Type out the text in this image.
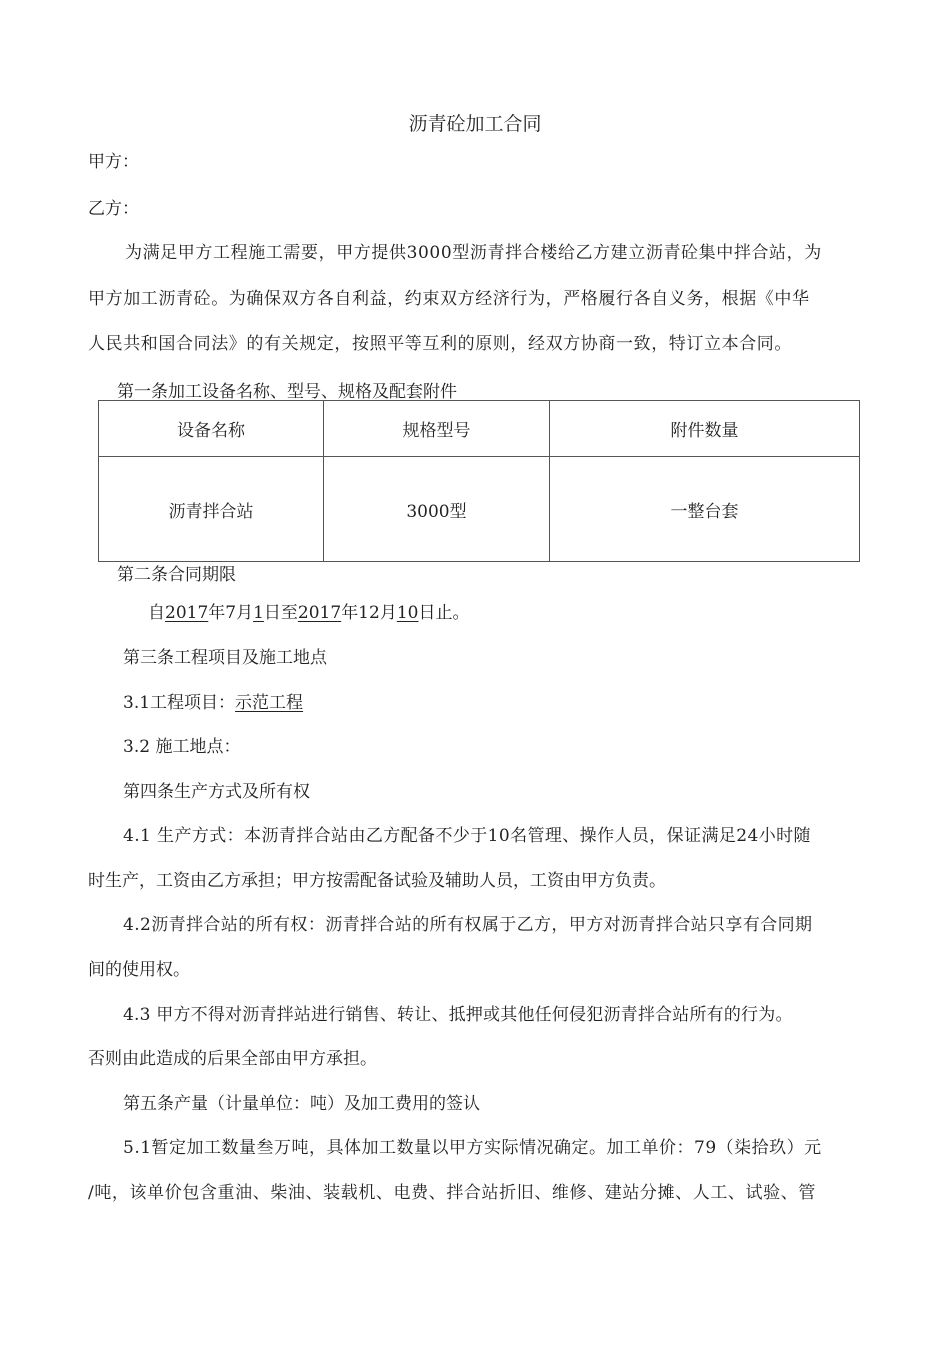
沥青砼加工合同
甲方：
乙方：
为满足甲方工程施工需要，甲方提供3000型沥青拌合楼给乙方建立沥青砼集中拌合站，为
甲方加工沥青砼。为确保双方各自利益，约束双方经济行为，严格履行各自义务，根据《中华
人民共和国合同法》的有关规定，按照平等互利的原则，经双方协商一致，特订立本合同。
第一条加工设备名称、型号、规格及配套附件
设备名称	规格型号	附件数量
沥青拌合站	3000型	一整台套
第二条合同期限
自2017年7月1日至2017年12月10日止。
第三条工程项目及施工地点
3.1工程项目：示范工程
3.2 施工地点：
第四条生产方式及所有权
4.1 生产方式：本沥青拌合站由乙方配备不少于10名管理、操作人员，保证满足24小时随
时生产，工资由乙方承担；甲方按需配备试验及辅助人员，工资由甲方负责。
4.2沥青拌合站的所有权：沥青拌合站的所有权属于乙方，甲方对沥青拌合站只享有合同期
间的使用权。
4.3 甲方不得对沥青拌站进行销售、转让、抵押或其他任何侵犯沥青拌合站所有的行为。
否则由此造成的后果全部由甲方承担。
第五条产量（计量单位：吨）及加工费用的签认
5.1暂定加工数量叁万吨，具体加工数量以甲方实际情况确定。加工单价：79（柒拾玖）元
/吨，该单价包含重油、柴油、装载机、电费、拌合站折旧、维修、建站分摊、人工、试验、管
